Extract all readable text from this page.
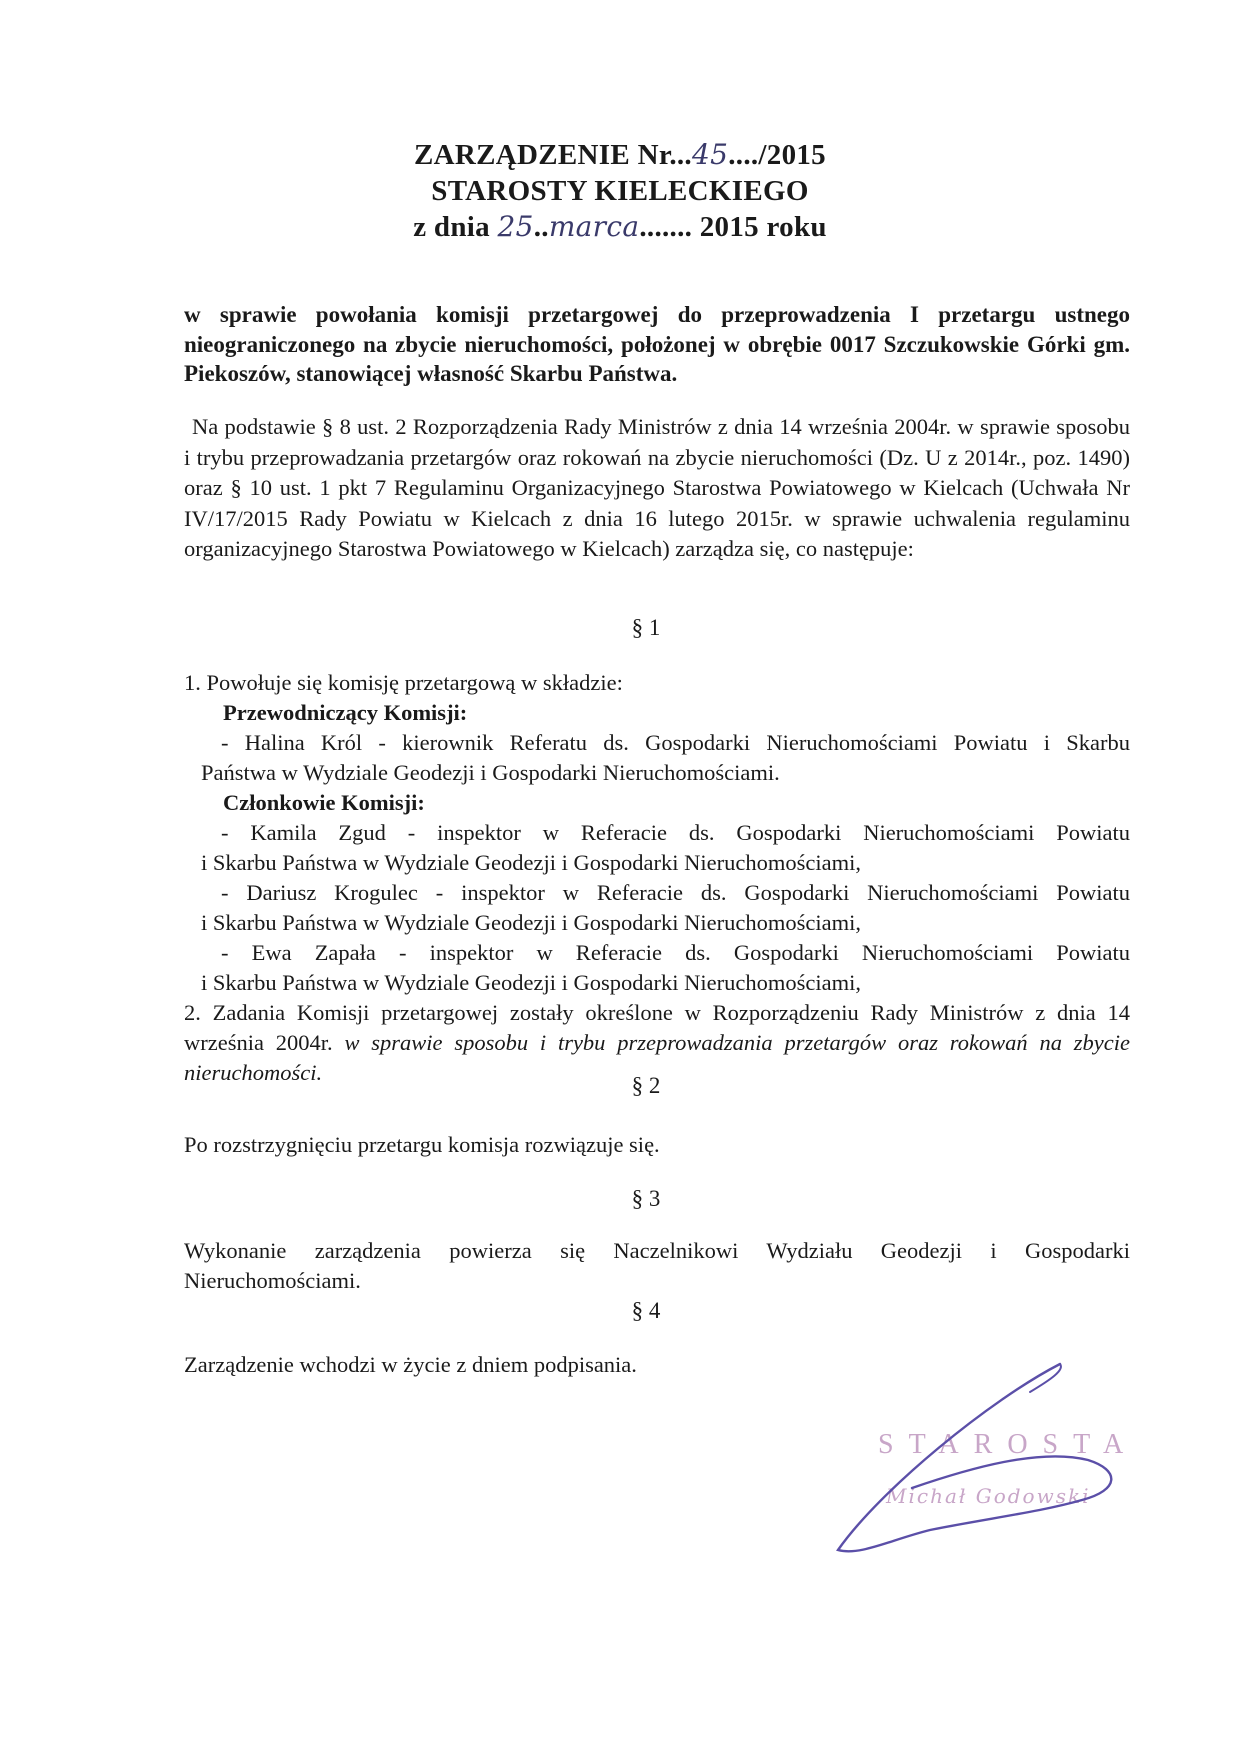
ZARZĄDZENIE Nr...45..../2015
STAROSTY KIELECKIEGO
z dnia 25..marca....... 2015 roku

w sprawie powołania komisji przetargowej do przeprowadzenia I przetargu ustnego nieograniczonego na zbycie nieruchomości, położonej w obrębie 0017 Szczukowskie Górki gm. Piekoszów, stanowiącej własność Skarbu Państwa.

Na podstawie § 8 ust. 2 Rozporządzenia Rady Ministrów z dnia 14 września 2004r. w sprawie sposobu i trybu przeprowadzania przetargów oraz rokowań na zbycie nieruchomości (Dz. U z 2014r., poz. 1490) oraz § 10 ust. 1 pkt 7 Regulaminu Organizacyjnego Starostwa Powiatowego w Kielcach (Uchwała Nr IV/17/2015 Rady Powiatu w Kielcach z dnia 16 lutego 2015r. w sprawie uchwalenia regulaminu organizacyjnego Starostwa Powiatowego w Kielcach) zarządza się, co następuje:

§ 1
1. Powołuje się komisję przetargową w składzie:
Przewodniczący Komisji:
- Halina Król - kierownik Referatu ds. Gospodarki Nieruchomościami Powiatu i Skarbu
Państwa w Wydziale Geodezji i Gospodarki Nieruchomościami.
Członkowie Komisji:
- Kamila Zgud - inspektor w Referacie ds. Gospodarki Nieruchomościami Powiatu
i Skarbu Państwa w Wydziale Geodezji i Gospodarki Nieruchomościami,
- Dariusz Krogulec - inspektor w Referacie ds. Gospodarki Nieruchomościami Powiatu
i Skarbu Państwa w Wydziale Geodezji i Gospodarki Nieruchomościami,
- Ewa Zapała - inspektor w Referacie ds. Gospodarki Nieruchomościami Powiatu
i Skarbu Państwa w Wydziale Geodezji i Gospodarki Nieruchomościami,
2. Zadania Komisji przetargowej zostały określone w Rozporządzeniu Rady Ministrów z dnia 14 września 2004r. w sprawie sposobu i trybu przeprowadzania przetargów oraz rokowań na zbycie nieruchomości.
§ 2

Po rozstrzygnięciu przetargu komisja rozwiązuje się.

§ 3

Wykonanie zarządzenia powierza się Naczelnikowi Wydziału Geodezji i Gospodarki Nieruchomościami.

§ 4

Zarządzenie wchodzi w życie z dniem podpisania.

STAROSTA
Michał Godowski
